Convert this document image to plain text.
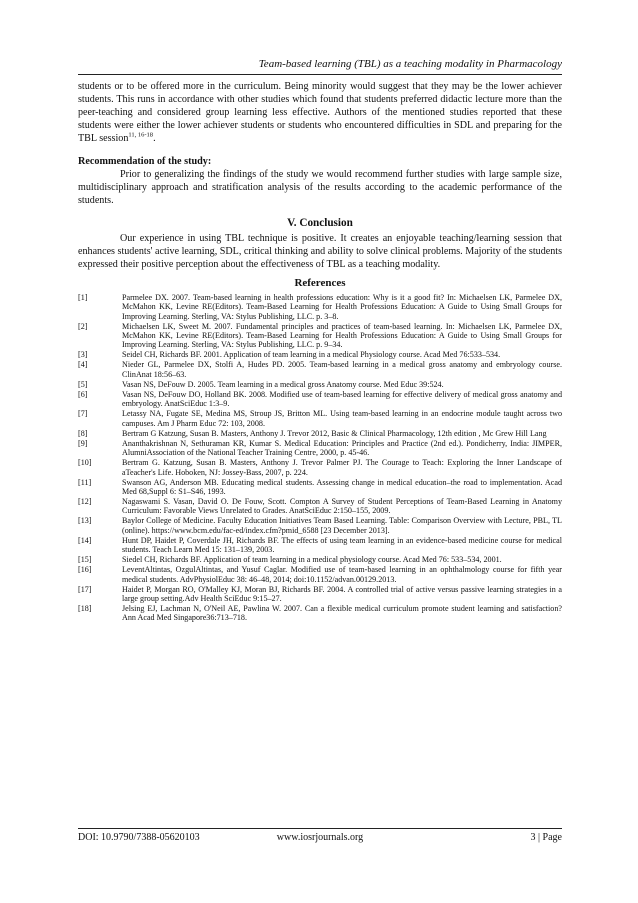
Team-based learning (TBL) as a teaching modality in Pharmacology

students or to be offered more in the curriculum. Being minority would suggest that they may be the lower achiever students. This runs in accordance with other studies which found that students preferred didactic lecture more than the peer-teaching and considered group learning less effective. Authors of the mentioned studies reported that these students were either the lower achiever students or students who encountered difficulties in SDL and preparing for the TBL session$^{11, 16-18}$.

Recommendation of the study:

Prior to generalizing the findings of the study we would recommend further studies with large sample size, multidisciplinary approach and stratification analysis of the results according to the academic performance of the students.

V. Conclusion

Our experience in using TBL technique is positive. It creates an enjoyable teaching/learning session that enhances students' active learning, SDL, critical thinking and ability to solve clinical problems. Majority of the students expressed their positive perception about the effectiveness of TBL as a teaching modality.

References
[1]	Parmelee DX. 2007. Team-based learning in health professions education: Why is it a good fit? In: Michaelsen LK, Parmelee DX, McMahon KK, Levine RE(Editors). Team-Based Learning for Health Professions Education: A Guide to Using Small Groups for Improving Learning. Sterling, VA: Stylus Publishing, LLC. p. 3–8.
[2]	Michaelsen LK, Sweet M. 2007. Fundamental principles and practices of team-based learning. In: Michaelsen LK, Parmelee DX, McMahon KK, Levine RE(Editors). Team-Based Learning for Health Professions Education: A Guide to Using Small Groups for Improving Learning. Sterling, VA: Stylus Publishing, LLC. p. 9–34.
[3]	Seidel CH, Richards BF. 2001. Application of team learning in a medical Physiology course. Acad Med 76:533–534.
[4]	Nieder GL, Parmelee DX, Stolfi A, Hudes PD. 2005. Team-based learning in a medical gross anatomy and embryology course. ClinAnat 18:56–63.
[5]	Vasan NS, DeFouw D. 2005. Team learning in a medical gross Anatomy course. Med Educ 39:524.
[6]	Vasan NS, DeFouw DO, Holland BK. 2008. Modified use of team-based learning for effective delivery of medical gross anatomy and embryology. AnatSciEduc 1:3–9.
[7]	Letassy NA, Fugate SE, Medina MS, Stroup JS, Britton ML. Using team-based learning in an endocrine module taught across two campuses. Am J Pharm Educ 72: 103, 2008.
[8]	Bertram G Katzung, Susan B. Masters, Anthony J. Trevor 2012, Basic & Clinical Pharmacology, 12th edition , Mc Grew Hill Lang
[9]	Ananthakrishnan N, Sethuraman KR, Kumar S. Medical Education: Principles and Practice (2nd ed.). Pondicherry, India: JIMPER, AlumniAssociation of the National Teacher Training Centre, 2000, p. 45-46.
[10]	Bertram G. Katzung, Susan B. Masters, Anthony J. Trevor Palmer PJ. The Courage to Teach: Exploring the Inner Landscape of aTeacher's Life. Hoboken, NJ: Jossey-Bass, 2007, p. 224.
[11]	Swanson AG, Anderson MB. Educating medical students. Assessing change in medical education–the road to implementation. Acad Med 68,Suppl 6: S1–S46, 1993.
[12]	Nagaswami S. Vasan, David O. De Fouw, Scott. Compton A Survey of Student Perceptions of Team-Based Learning in Anatomy Curriculum: Favorable Views Unrelated to Grades. AnatSciEduc 2:150–155, 2009.
[13]	Baylor College of Medicine. Faculty Education Initiatives Team Based Learning. Table: Comparison Overview with Lecture, PBL, TL (online). https://www.bcm.edu/fac-ed/index.cfm?pmid_6588 [23 December 2013].
[14]	Hunt DP, Haidet P, Coverdale JH, Richards BF. The effects of using team learning in an evidence-based medicine course for medical students. Teach Learn Med 15: 131–139, 2003.
[15]	Siedel CH, Richards BF. Application of team learning in a medical physiology course. Acad Med 76: 533–534, 2001.
[16]	LeventAltintas, OzgulAltintas, and Yusuf Caglar. Modified use of team-based learning in an ophthalmology course for fifth year medical students. AdvPhysiolEduc 38: 46–48, 2014; doi:10.1152/advan.00129.2013.
[17]	Haidet P, Morgan RO, O'Malley KJ, Moran BJ, Richards BF. 2004. A controlled trial of active versus passive learning strategies in a large group setting.Adv Health SciEduc 9:15–27.
[18]	Jelsing EJ, Lachman N, O'Neil AE, Pawlina W. 2007. Can a flexible medical curriculum promote student learning and satisfaction? Ann Acad Med Singapore36:713–718.
DOI: 10.9790/7388-05620103	www.iosrjournals.org	3 | Page
